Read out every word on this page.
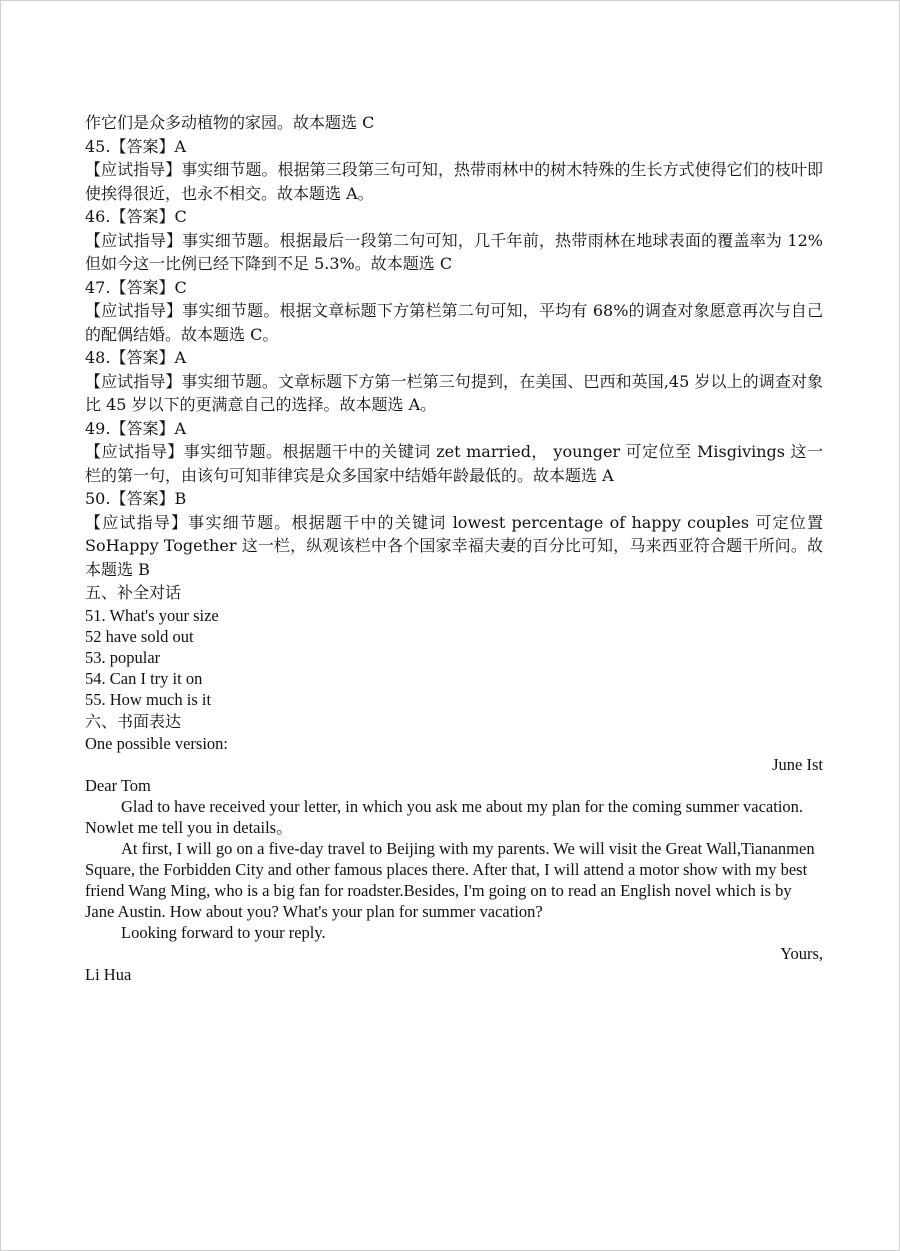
作它们是众多动植物的家园。故本题选 C
45.【答案】A
【应试指导】事实细节题。根据第三段第三句可知，热带雨林中的树木特殊的生长方式使得它们的枝叶即使挨得很近，也永不相交。故本题选 A。
46.【答案】C
【应试指导】事实细节题。根据最后一段第二句可知，几千年前，热带雨林在地球表面的覆盖率为 12%但如今这一比例已经下降到不足 5.3%。故本题选 C
47.【答案】C
【应试指导】事实细节题。根据文章标题下方第栏第二句可知，平均有 68%的调查对象愿意再次与自己的配偶结婚。故本题选 C。
48.【答案】A
【应试指导】事实细节题。文章标题下方第一栏第三句提到，在美国、巴西和英国,45 岁以上的调查对象比 45 岁以下的更满意自己的选择。故本题选 A。
49.【答案】A
【应试指导】事实细节题。根据题干中的关键词 zet married， younger 可定位至 Misgivings 这一栏的第一句，由该句可知菲律宾是众多国家中结婚年龄最低的。故本题选 A
50.【答案】B
【应试指导】事实细节题。根据题干中的关键词 lowest percentage of happy couples 可定位置 SoHappy Together 这一栏，纵观该栏中各个国家幸福夫妻的百分比可知，马来西亚符合题干所问。故本题选 B
五、补全对话
51. What's your size
52 have sold out
53. popular
54. Can I try it on
55. How much is it
六、书面表达
One possible version:
June Ist
Dear Tom
Glad to have received your letter, in which you ask me about my plan for the coming summer vacation. Nowlet me tell you in details。
At first, I will go on a five-day travel to Beijing with my parents. We will visit the Great Wall,Tiananmen Square, the Forbidden City and other famous places there. After that, I will attend a motor show with my best friend Wang Ming, who is a big fan for roadster.Besides, I'm going on to read an English novel which is by Jane Austin. How about you? What's your plan for summer vacation?
Looking forward to your reply.
Yours,
Li Hua
